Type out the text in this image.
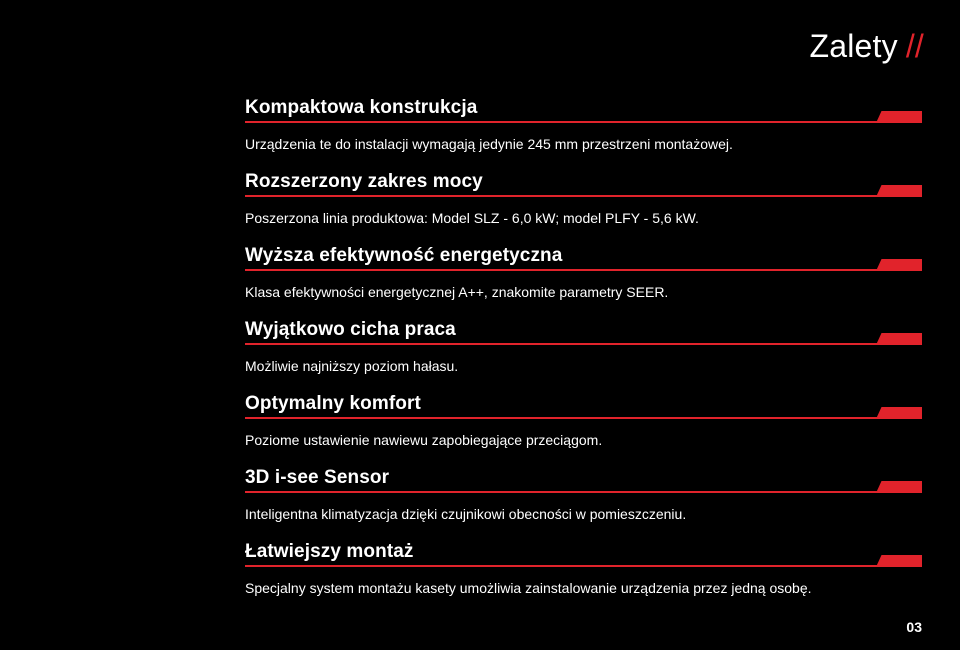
Zalety //
Kompaktowa konstrukcja
Urządzenia te do instalacji wymagają jedynie 245 mm przestrzeni montażowej.
Rozszerzony zakres mocy
Poszerzona linia produktowa: Model SLZ - 6,0 kW; model PLFY - 5,6 kW.
Wyższa efektywność energetyczna
Klasa efektywności energetycznej A++, znakomite parametry SEER.
Wyjątkowo cicha praca
Możliwie najniższy poziom hałasu.
Optymalny komfort
Poziome ustawienie nawiewu zapobiegające przeciągom.
3D i-see Sensor
Inteligentna klimatyzacja dzięki czujnikowi obecności w pomieszczeniu.
Łatwiejszy montaż
Specjalny system montażu kasety umożliwia zainstalowanie urządzenia przez jedną osobę.
03
